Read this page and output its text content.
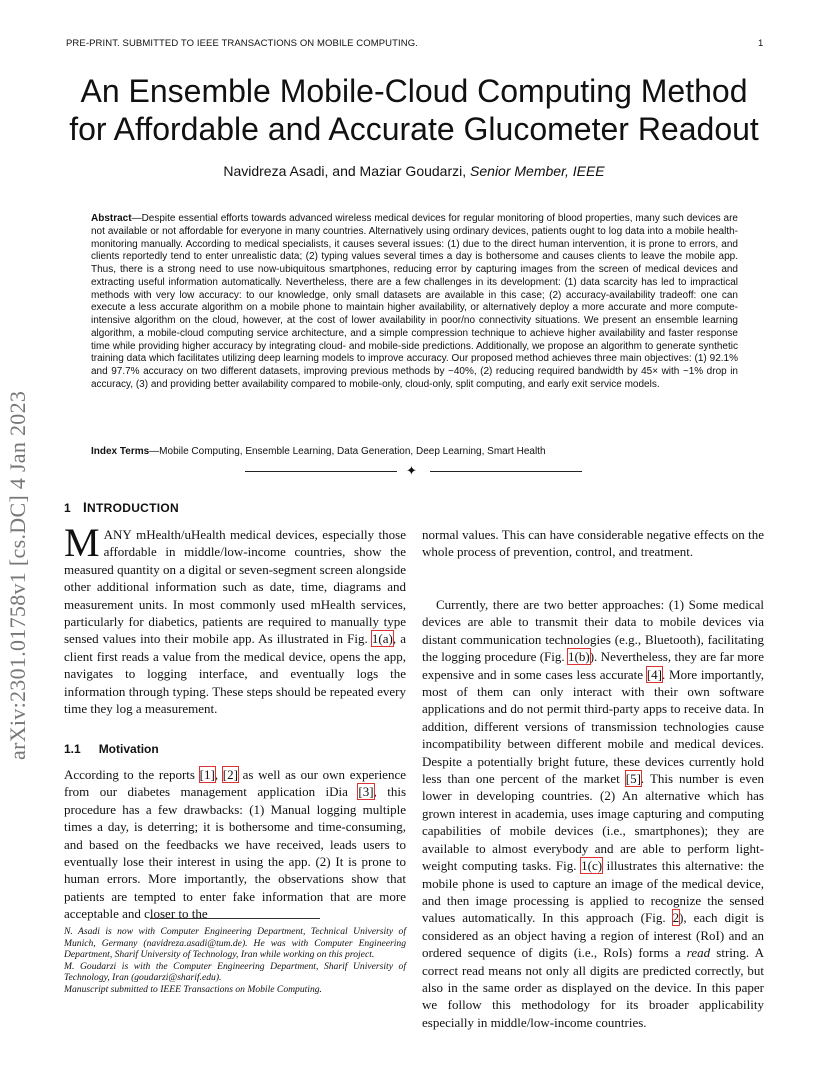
PRE-PRINT. SUBMITTED TO IEEE TRANSACTIONS ON MOBILE COMPUTING.	1
arXiv:2301.01758v1 [cs.DC] 4 Jan 2023
An Ensemble Mobile-Cloud Computing Method
for Affordable and Accurate Glucometer Readout
Navidreza Asadi, and Maziar Goudarzi, Senior Member, IEEE
Abstract—Despite essential efforts towards advanced wireless medical devices for regular monitoring of blood properties, many such devices are not available or not affordable for everyone in many countries. Alternatively using ordinary devices, patients ought to log data into a mobile health-monitoring manually. According to medical specialists, it causes several issues: (1) due to the direct human intervention, it is prone to errors, and clients reportedly tend to enter unrealistic data; (2) typing values several times a day is bothersome and causes clients to leave the mobile app. Thus, there is a strong need to use now-ubiquitous smartphones, reducing error by capturing images from the screen of medical devices and extracting useful information automatically. Nevertheless, there are a few challenges in its development: (1) data scarcity has led to impractical methods with very low accuracy: to our knowledge, only small datasets are available in this case; (2) accuracy-availability tradeoff: one can execute a less accurate algorithm on a mobile phone to maintain higher availability, or alternatively deploy a more accurate and more compute-intensive algorithm on the cloud, however, at the cost of lower availability in poor/no connectivity situations. We present an ensemble learning algorithm, a mobile-cloud computing service architecture, and a simple compression technique to achieve higher availability and faster response time while providing higher accuracy by integrating cloud- and mobile-side predictions. Additionally, we propose an algorithm to generate synthetic training data which facilitates utilizing deep learning models to improve accuracy. Our proposed method achieves three main objectives: (1) 92.1% and 97.7% accuracy on two different datasets, improving previous methods by ~40%, (2) reducing required bandwidth by 45× with ~1% drop in accuracy, (3) and providing better availability compared to mobile-only, cloud-only, split computing, and early exit service models.
Index Terms—Mobile Computing, Ensemble Learning, Data Generation, Deep Learning, Smart Health
✦
1 INTRODUCTION

MANY mHealth/uHealth medical devices, especially those affordable in middle/low-income countries, show the measured quantity on a digital or seven-segment screen alongside other additional information such as date, time, diagrams and measurement units. In most commonly used mHealth services, particularly for diabetics, patients are required to manually type sensed values into their mobile app. As illustrated in Fig. 1(a), a client first reads a value from the medical device, opens the app, navigates to logging interface, and eventually logs the information through typing. These steps should be repeated every time they log a measurement.

1.1 Motivation

According to the reports [1], [2] as well as our own experience from our diabetes management application iDia [3], this procedure has a few drawbacks: (1) Manual logging multiple times a day, is deterring; it is bothersome and time-consuming, and based on the feedbacks we have received, leads users to eventually lose their interest in using the app. (2) It is prone to human errors. More importantly, the observations show that patients are tempted to enter fake information that are more acceptable and closer to the

N. Asadi is now with Computer Engineering Department, Technical University of Munich, Germany (navidreza.asadi@tum.de). He was with Computer Engineering Department, Sharif University of Technology, Iran while working on this project.

M. Goudarzi is with the Computer Engineering Department, Sharif University of Technology, Iran (goudarzi@sharif.edu).

Manuscript submitted to IEEE Transactions on Mobile Computing.

normal values. This can have considerable negative effects on the whole process of prevention, control, and treatment.

Currently, there are two better approaches: (1) Some medical devices are able to transmit their data to mobile devices via distant communication technologies (e.g., Bluetooth), facilitating the logging procedure (Fig. 1(b)). Nevertheless, they are far more expensive and in some cases less accurate [4]. More importantly, most of them can only interact with their own software applications and do not permit third-party apps to receive data. In addition, different versions of transmission technologies cause incompatibility between different mobile and medical devices. Despite a potentially bright future, these devices currently hold less than one percent of the market [5]. This number is even lower in developing countries. (2) An alternative which has grown interest in academia, uses image capturing and computing capabilities of mobile devices (i.e., smartphones); they are available to almost everybody and are able to perform light-weight computing tasks. Fig. 1(c) illustrates this alternative: the mobile phone is used to capture an image of the medical device, and then image processing is applied to recognize the sensed values automatically. In this approach (Fig. 2), each digit is considered as an object having a region of interest (RoI) and an ordered sequence of digits (i.e., RoIs) forms a read string. A correct read means not only all digits are predicted correctly, but also in the same order as displayed on the device. In this paper we follow this methodology for its broader applicability especially in middle/low-income countries.
